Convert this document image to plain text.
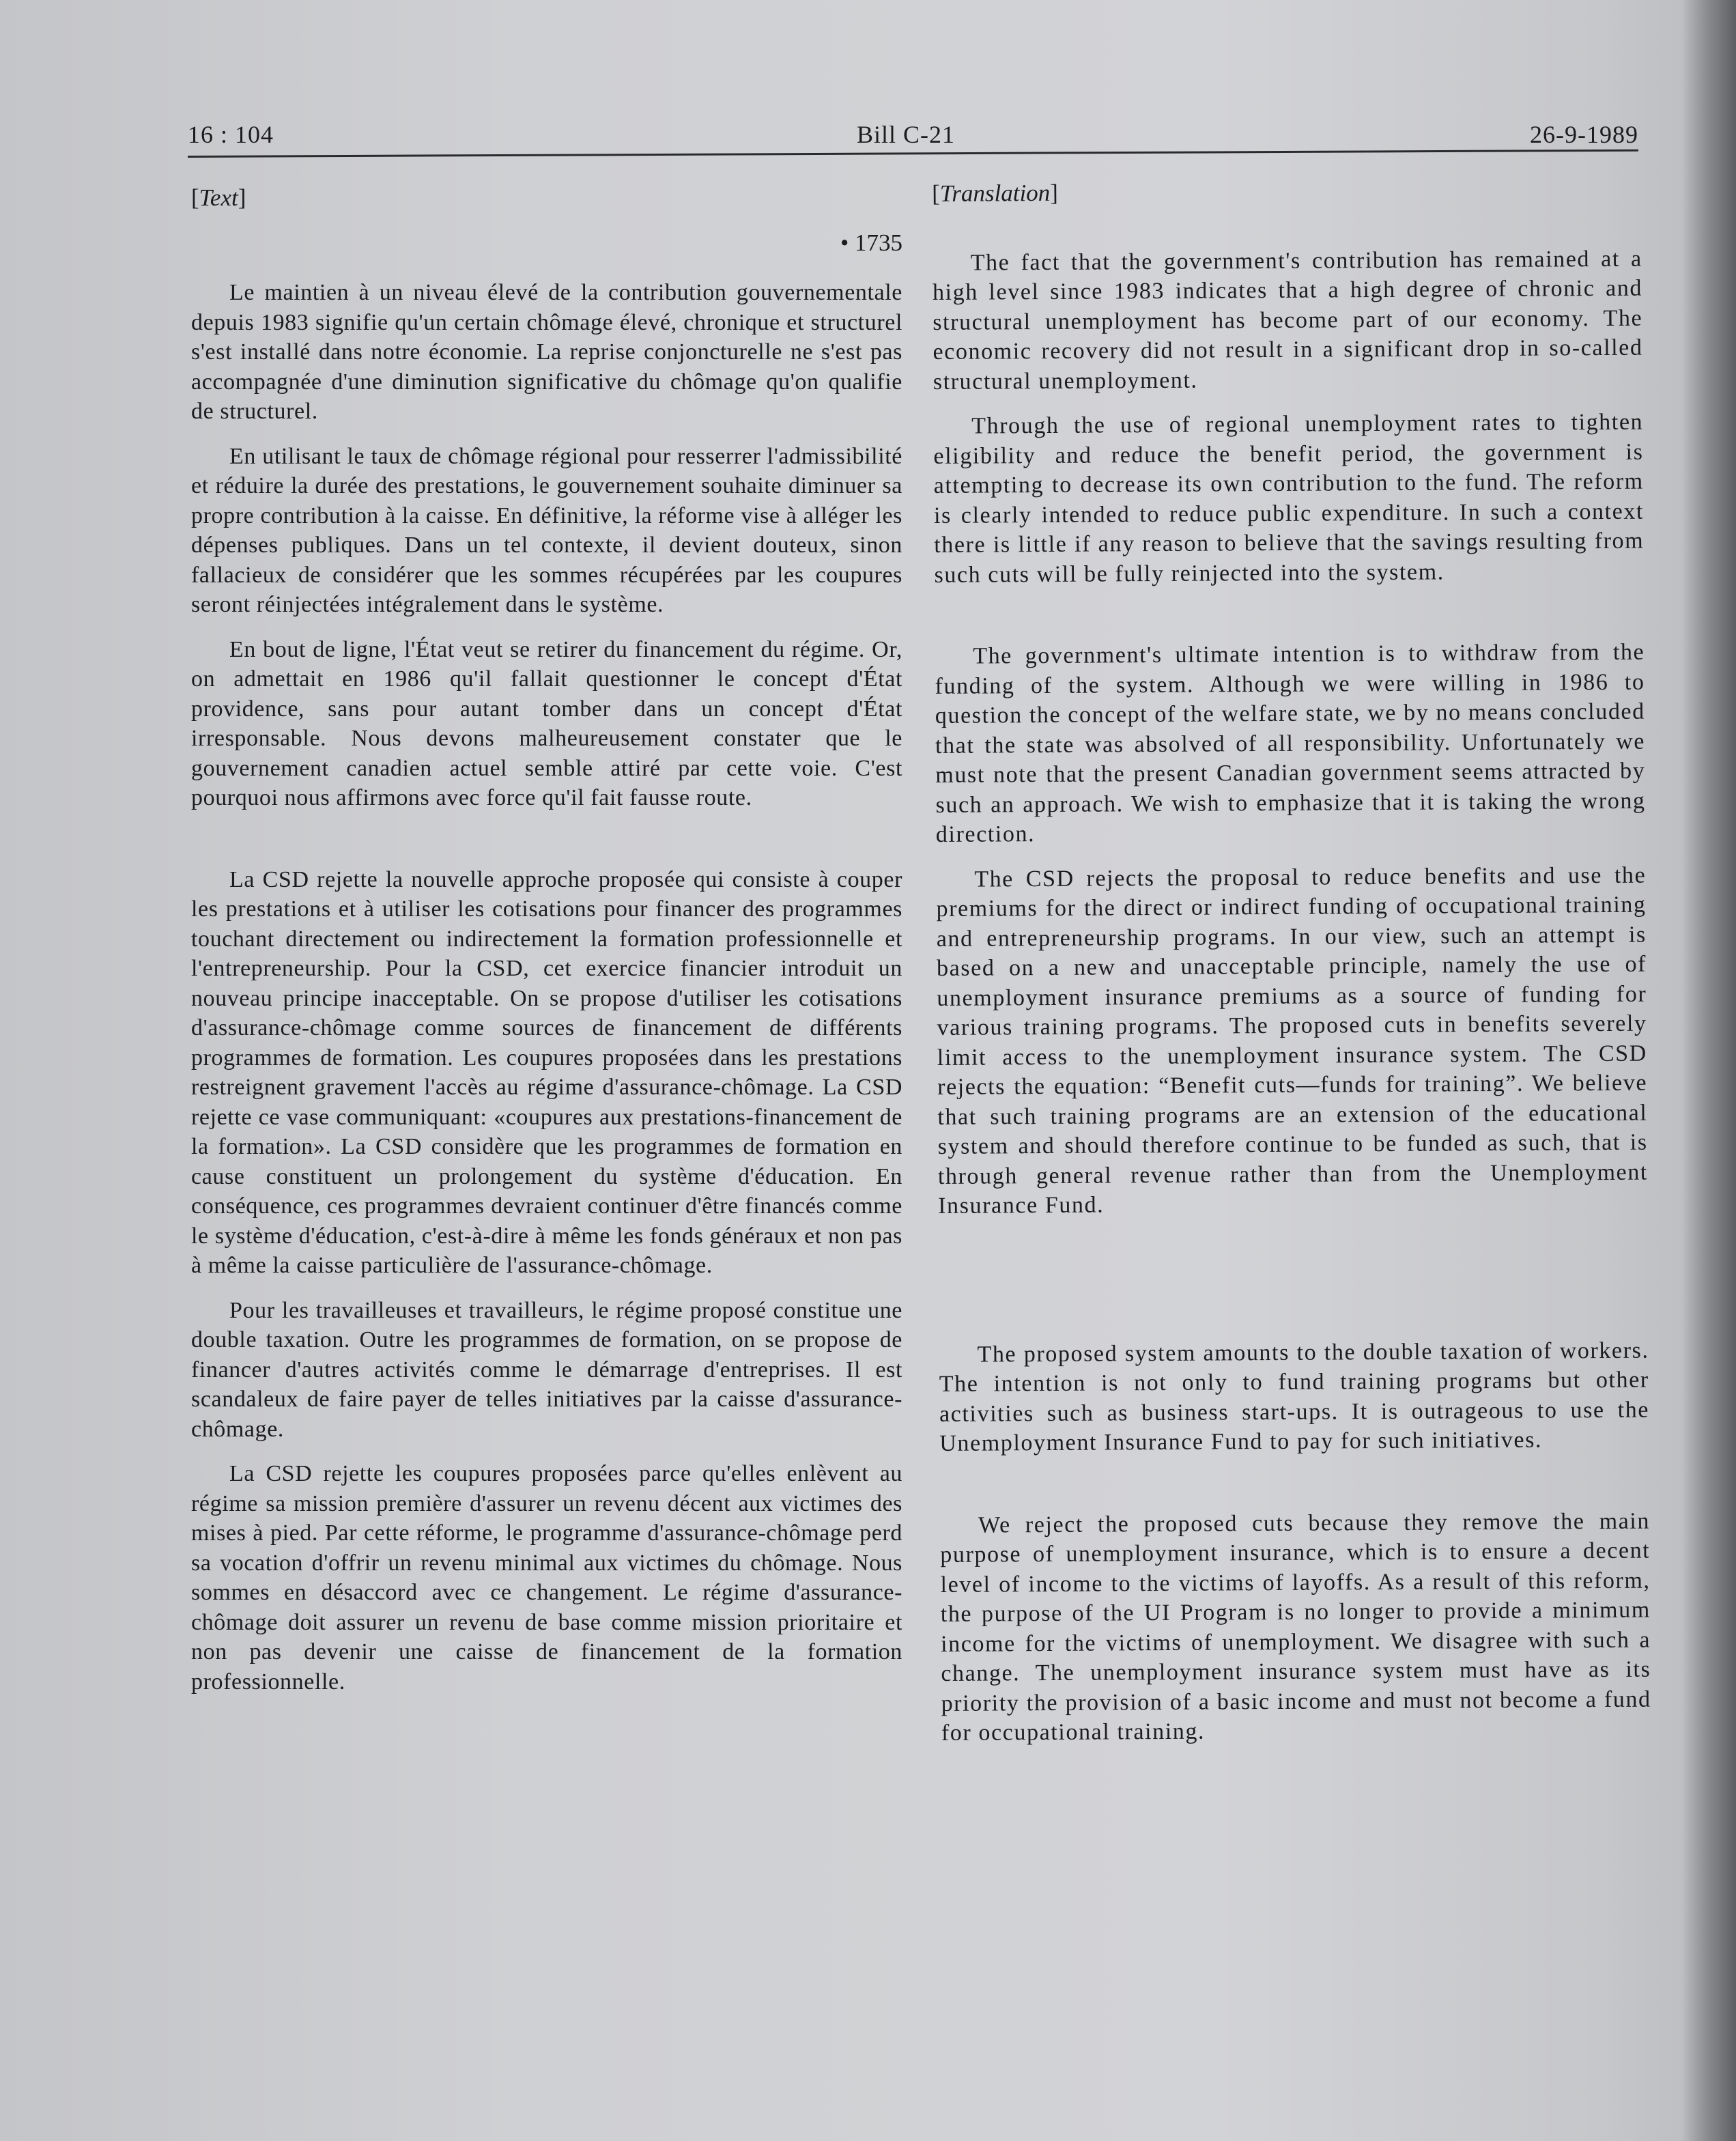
16 : 104	Bill C-21	26-9-1989
[Text]
• 1735

Le maintien à un niveau élevé de la contribution gouvernementale depuis 1983 signifie qu'un certain chômage élevé, chronique et structurel s'est installé dans notre économie. La reprise conjoncturelle ne s'est pas accompagnée d'une diminution significative du chômage qu'on qualifie de structurel.

En utilisant le taux de chômage régional pour resserrer l'admissibilité et réduire la durée des prestations, le gouvernement souhaite diminuer sa propre contribution à la caisse. En définitive, la réforme vise à alléger les dépenses publiques. Dans un tel contexte, il devient douteux, sinon fallacieux de considérer que les sommes récupérées par les coupures seront réinjectées intégralement dans le système.

En bout de ligne, l'État veut se retirer du financement du régime. Or, on admettait en 1986 qu'il fallait questionner le concept d'État providence, sans pour autant tomber dans un concept d'État irresponsable. Nous devons malheureusement constater que le gouvernement canadien actuel semble attiré par cette voie. C'est pourquoi nous affirmons avec force qu'il fait fausse route.

La CSD rejette la nouvelle approche proposée qui consiste à couper les prestations et à utiliser les cotisations pour financer des programmes touchant directement ou indirectement la formation professionnelle et l'entrepreneurship. Pour la CSD, cet exercice financier introduit un nouveau principe inacceptable. On se propose d'utiliser les cotisations d'assurance-chômage comme sources de financement de différents programmes de formation. Les coupures proposées dans les prestations restreignent gravement l'accès au régime d'assurance-chômage. La CSD rejette ce vase communiquant: «coupures aux prestations-financement de la formation». La CSD considère que les programmes de formation en cause constituent un prolongement du système d'éducation. En conséquence, ces programmes devraient continuer d'être financés comme le système d'éducation, c'est-à-dire à même les fonds généraux et non pas à même la caisse particulière de l'assurance-chômage.

Pour les travailleuses et travailleurs, le régime proposé constitue une double taxation. Outre les programmes de formation, on se propose de financer d'autres activités comme le démarrage d'entreprises. Il est scandaleux de faire payer de telles initiatives par la caisse d'assurance-chômage.

La CSD rejette les coupures proposées parce qu'elles enlèvent au régime sa mission première d'assurer un revenu décent aux victimes des mises à pied. Par cette réforme, le programme d'assurance-chômage perd sa vocation d'offrir un revenu minimal aux victimes du chômage. Nous sommes en désaccord avec ce changement. Le régime d'assurance-chômage doit assurer un revenu de base comme mission prioritaire et non pas devenir une caisse de financement de la formation professionnelle.

[Translation]

The fact that the government's contribution has remained at a high level since 1983 indicates that a high degree of chronic and structural unemployment has become part of our economy. The economic recovery did not result in a significant drop in so-called structural unemployment.

Through the use of regional unemployment rates to tighten eligibility and reduce the benefit period, the government is attempting to decrease its own contribution to the fund. The reform is clearly intended to reduce public expenditure. In such a context there is little if any reason to believe that the savings resulting from such cuts will be fully reinjected into the system.

The government's ultimate intention is to withdraw from the funding of the system. Although we were willing in 1986 to question the concept of the welfare state, we by no means concluded that the state was absolved of all responsibility. Unfortunately we must note that the present Canadian government seems attracted by such an approach. We wish to emphasize that it is taking the wrong direction.

The CSD rejects the proposal to reduce benefits and use the premiums for the direct or indirect funding of occupational training and entrepreneurship programs. In our view, such an attempt is based on a new and unacceptable principle, namely the use of unemployment insurance premiums as a source of funding for various training programs. The proposed cuts in benefits severely limit access to the unemployment insurance system. The CSD rejects the equation: “Benefit cuts—funds for training”. We believe that such training programs are an extension of the educational system and should therefore continue to be funded as such, that is through general revenue rather than from the Unemployment Insurance Fund.

The proposed system amounts to the double taxation of workers. The intention is not only to fund training programs but other activities such as business start-ups. It is outrageous to use the Unemployment Insurance Fund to pay for such initiatives.

We reject the proposed cuts because they remove the main purpose of unemployment insurance, which is to ensure a decent level of income to the victims of layoffs. As a result of this reform, the purpose of the UI Program is no longer to provide a minimum income for the victims of unemployment. We disagree with such a change. The unemployment insurance system must have as its priority the provision of a basic income and must not become a fund for occupational training.
